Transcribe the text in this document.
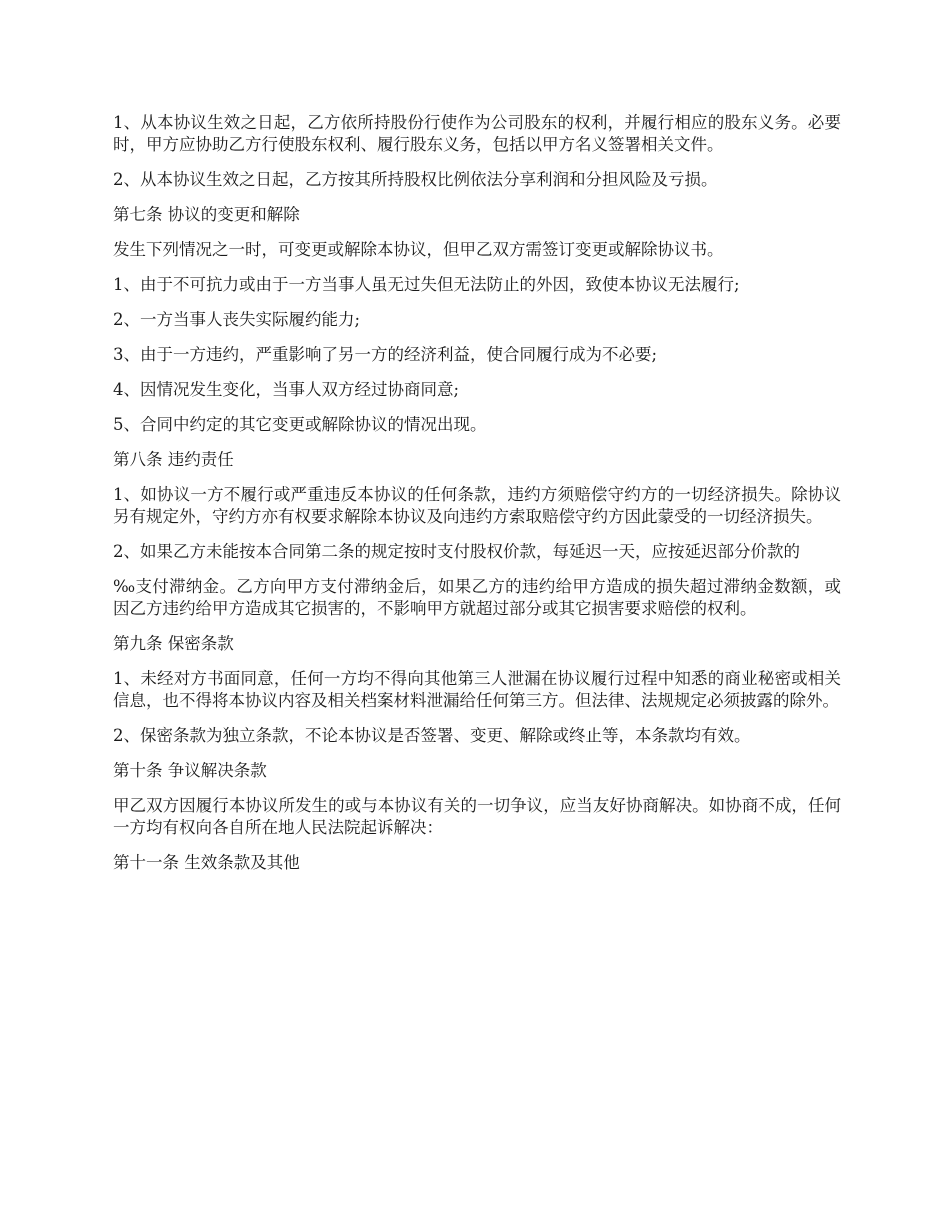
1、从本协议生效之日起，乙方依所持股份行使作为公司股东的权利，并履行相应的股东义务。必要时，甲方应协助乙方行使股东权利、履行股东义务，包括以甲方名义签署相关文件。

2、从本协议生效之日起，乙方按其所持股权比例依法分享利润和分担风险及亏损。

第七条 协议的变更和解除

发生下列情况之一时，可变更或解除本协议，但甲乙双方需签订变更或解除协议书。

1、由于不可抗力或由于一方当事人虽无过失但无法防止的外因，致使本协议无法履行;

2、一方当事人丧失实际履约能力;

3、由于一方违约，严重影响了另一方的经济利益，使合同履行成为不必要;

4、因情况发生变化，当事人双方经过协商同意;

5、合同中约定的其它变更或解除协议的情况出现。

第八条 违约责任

1、如协议一方不履行或严重违反本协议的任何条款，违约方须赔偿守约方的一切经济损失。除协议另有规定外，守约方亦有权要求解除本协议及向违约方索取赔偿守约方因此蒙受的一切经济损失。

2、如果乙方未能按本合同第二条的规定按时支付股权价款，每延迟一天，应按延迟部分价款的

‰支付滞纳金。乙方向甲方支付滞纳金后，如果乙方的违约给甲方造成的损失超过滞纳金数额，或因乙方违约给甲方造成其它损害的，不影响甲方就超过部分或其它损害要求赔偿的权利。

第九条 保密条款

1、未经对方书面同意，任何一方均不得向其他第三人泄漏在协议履行过程中知悉的商业秘密或相关信息，也不得将本协议内容及相关档案材料泄漏给任何第三方。但法律、法规规定必须披露的除外。

2、保密条款为独立条款，不论本协议是否签署、变更、解除或终止等，本条款均有效。

第十条 争议解决条款

甲乙双方因履行本协议所发生的或与本协议有关的一切争议，应当友好协商解决。如协商不成，任何一方均有权向各自所在地人民法院起诉解决：

第十一条 生效条款及其他
